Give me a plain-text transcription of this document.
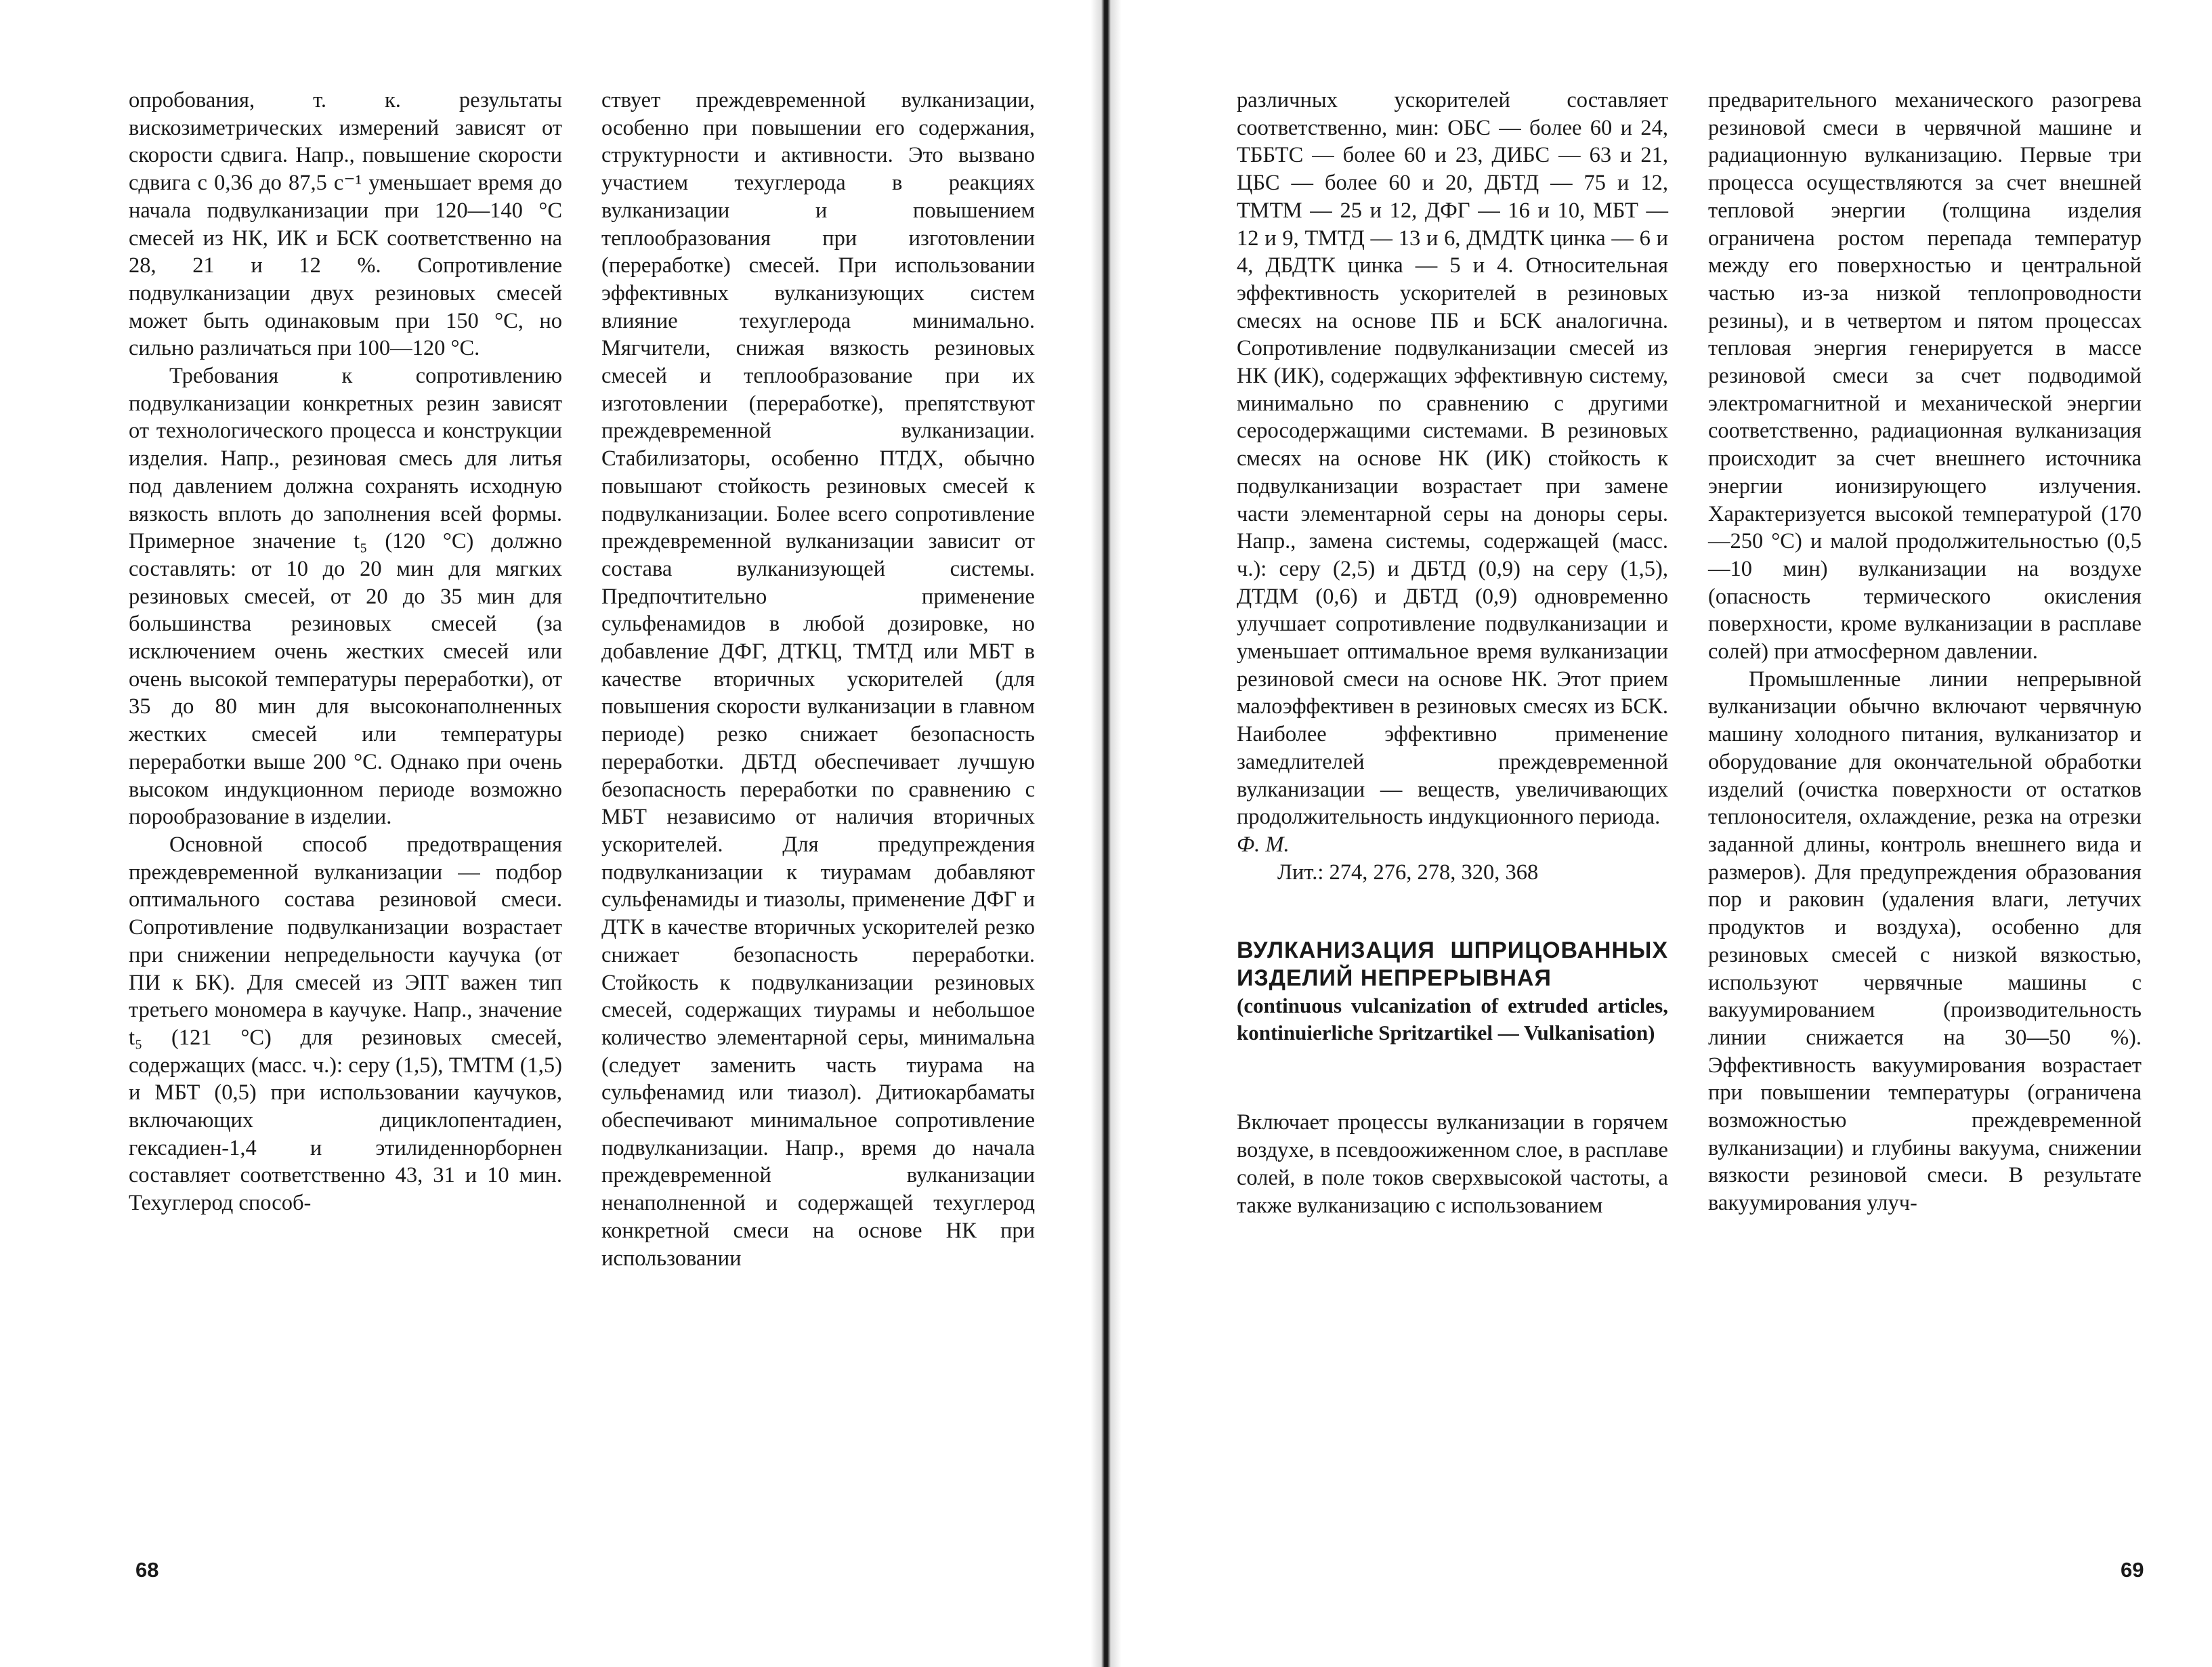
опробования, т. к. результаты вискозиметрических измерений зависят от скорости сдвига. Напр., повышение скорости сдвига с 0,36 до 87,5 с⁻¹ уменьшает время до начала подвулканизации при 120—140 °С смесей из НК, ИК и БСК соответственно на 28, 21 и 12 %. Сопротивление подвулканизации двух резиновых смесей может быть одинаковым при 150 °С, но сильно различаться при 100—120 °С.

Требования к сопротивлению подвулканизации конкретных резин зависят от технологического процесса и конструкции изделия. Напр., резиновая смесь для литья под давлением должна сохранять исходную вязкость вплоть до заполнения всей формы. Примерное значение t₅ (120 °С) должно составлять: от 10 до 20 мин для мягких резиновых смесей, от 20 до 35 мин для большинства резиновых смесей (за исключением очень жестких смесей или очень высокой температуры переработки), от 35 до 80 мин для высоконаполненных жестких смесей или температуры переработки выше 200 °С. Однако при очень высоком индукционном периоде возможно порообразование в изделии.

Основной способ предотвращения преждевременной вулканизации — подбор оптимального состава резиновой смеси. Сопротивление подвулканизации возрастает при снижении непредельности каучука (от ПИ к БК). Для смесей из ЭПТ важен тип третьего мономера в каучуке. Напр., значение t₅ (121 °С) для резиновых смесей, содержащих (масс. ч.): серу (1,5), ТМТМ (1,5) и МБТ (0,5) при использовании каучуков, включающих дициклопентадиен, гексадиен-1,4 и этилиденнорборнен составляет соответственно 43, 31 и 10 мин. Техуглерод способ-

ствует преждевременной вулканизации, особенно при повышении его содержания, структурности и активности. Это вызвано участием техуглерода в реакциях вулканизации и повышением теплообразования при изготовлении (переработке) смесей. При использовании эффективных вулканизующих систем влияние техуглерода минимально. Мягчители, снижая вязкость резиновых смесей и теплообразование при их изготовлении (переработке), препятствуют преждевременной вулканизации. Стабилизаторы, особенно ПТДХ, обычно повышают стойкость резиновых смесей к подвулканизации. Более всего сопротивление преждевременной вулканизации зависит от состава вулканизующей системы. Предпочтительно применение сульфенамидов в любой дозировке, но добавление ДФГ, ДТКЦ, ТМТД или МБТ в качестве вторичных ускорителей (для повышения скорости вулканизации в главном периоде) резко снижает безопасность переработки. ДБТД обеспечивает лучшую безопасность переработки по сравнению с МБТ независимо от наличия вторичных ускорителей. Для предупреждения подвулканизации к тиурамам добавляют сульфенамиды и тиазолы, применение ДФГ и ДТК в качестве вторичных ускорителей резко снижает безопасность переработки. Стойкость к подвулканизации резиновых смесей, содержащих тиурамы и небольшое количество элементарной серы, минимальна (следует заменить часть тиурама на сульфенамид или тиазол). Дитиокарбаматы обеспечивают минимальное сопротивление подвулканизации. Напр., время до начала преждевременной вулканизации ненаполненной и содержащей техуглерод конкретной смеси на основе НК при использовании

68

различных ускорителей составляет соответственно, мин: ОБС — более 60 и 24, ТББТС — более 60 и 23, ДИБС — 63 и 21, ЦБС — более 60 и 20, ДБТД — 75 и 12, ТМТМ — 25 и 12, ДФГ — 16 и 10, МБТ — 12 и 9, ТМТД — 13 и 6, ДМДТК цинка — 6 и 4, ДБДТК цинка — 5 и 4. Относительная эффективность ускорителей в резиновых смесях на основе ПБ и БСК аналогична. Сопротивление подвулканизации смесей из НК (ИК), содержащих эффективную систему, минимально по сравнению с другими серосодержащими системами. В резиновых смесях на основе НК (ИК) стойкость к подвулканизации возрастает при замене части элементарной серы на доноры серы. Напр., замена системы, содержащей (масс. ч.): серу (2,5) и ДБТД (0,9) на серу (1,5), ДТДМ (0,6) и ДБТД (0,9) одновременно улучшает сопротивление подвулканизации и уменьшает оптимальное время вулканизации резиновой смеси на основе НК. Этот прием малоэффективен в резиновых смесях из БСК. Наиболее эффективно применение замедлителей преждевременной вулканизации — веществ, увеличивающих продолжительность индукционного периода.

Ф. М.

Лит.: 274, 276, 278, 320, 368

ВУЛКАНИЗАЦИЯ ШПРИЦОВАННЫХ ИЗДЕЛИЙ НЕПРЕРЫВНАЯ
(continuous vulcanization of extruded articles, kontinuierliche Spritzartikel — Vulkanisation)

Включает процессы вулканизации в горячем воздухе, в псевдоожиженном слое, в расплаве солей, в поле токов сверхвысокой частоты, а также вулканизацию с использованием

предварительного механического разогрева резиновой смеси в червячной машине и радиационную вулканизацию. Первые три процесса осуществляются за счет внешней тепловой энергии (толщина изделия ограничена ростом перепада температур между его поверхностью и центральной частью из-за низкой теплопроводности резины), и в четвертом и пятом процессах тепловая энергия генерируется в массе резиновой смеси за счет подводимой электромагнитной и механической энергии соответственно, радиационная вулканизация происходит за счет внешнего источника энергии ионизирующего излучения. Характеризуется высокой температурой (170—250 °С) и малой продолжительностью (0,5—10 мин) вулканизации на воздухе (опасность термического окисления поверхности, кроме вулканизации в расплаве солей) при атмосферном давлении.

Промышленные линии непрерывной вулканизации обычно включают червячную машину холодного питания, вулканизатор и оборудование для окончательной обработки изделий (очистка поверхности от остатков теплоносителя, охлаждение, резка на отрезки заданной длины, контроль внешнего вида и размеров). Для предупреждения образования пор и раковин (удаления влаги, летучих продуктов и воздуха), особенно для резиновых смесей с низкой вязкостью, используют червячные машины с вакуумированием (производительность линии снижается на 30—50 %). Эффективность вакуумирования возрастает при повышении температуры (ограничена возможностью преждевременной вулканизации) и глубины вакуума, снижении вязкости резиновой смеси. В результате вакуумирования улуч-

69
